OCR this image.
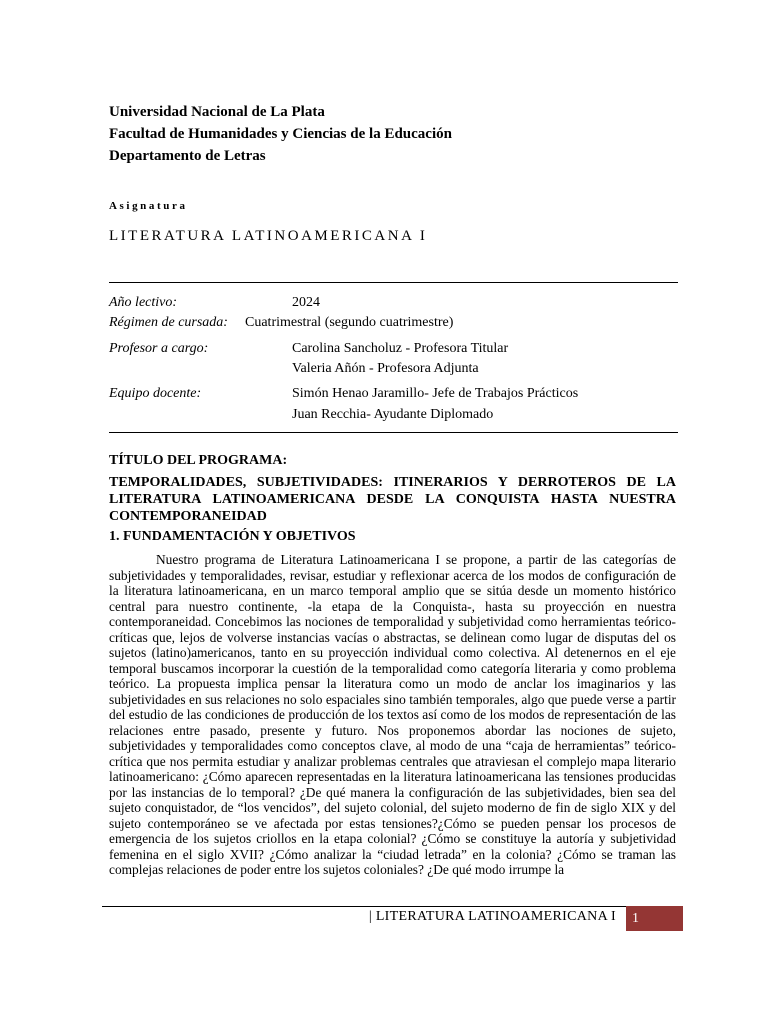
Universidad Nacional de La Plata
Facultad de Humanidades y Ciencias de la Educación
Departamento de Letras
Asignatura
LITERATURA LATINOAMERICANA I
Año lectivo:	2024
Régimen de cursada: Cuatrimestral (segundo cuatrimestre)
Profesor a cargo:	Carolina Sancholuz - Profesora Titular
Valeria Añón - Profesora Adjunta
Equipo docente:	Simón Henao Jaramillo- Jefe de Trabajos Prácticos
Juan Recchia- Ayudante Diplomado
TÍTULO DEL PROGRAMA:
TEMPORALIDADES, SUBJETIVIDADES: ITINERARIOS Y DERROTEROS DE LA LITERATURA LATINOAMERICANA DESDE LA CONQUISTA HASTA NUESTRA CONTEMPORANEIDAD
1. FUNDAMENTACIÓN Y OBJETIVOS

Nuestro programa de Literatura Latinoamericana I se propone, a partir de las categorías de subjetividades y temporalidades, revisar, estudiar y reflexionar acerca de los modos de configuración de la literatura latinoamericana, en un marco temporal amplio que se sitúa desde un momento histórico central para nuestro continente, -la etapa de la Conquista-, hasta su proyección en nuestra contemporaneidad. Concebimos las nociones de temporalidad y subjetividad como herramientas teórico-críticas que, lejos de volverse instancias vacías o abstractas, se delinean como lugar de disputas del os sujetos (latino)americanos, tanto en su proyección individual como colectiva. Al detenernos en el eje temporal buscamos incorporar la cuestión de la temporalidad como categoría literaria y como problema teórico. La propuesta implica pensar la literatura como un modo de anclar los imaginarios y las subjetividades en sus relaciones no solo espaciales sino también temporales, algo que puede verse a partir del estudio de las condiciones de producción de los textos así como de los modos de representación de las relaciones entre pasado, presente y futuro. Nos proponemos abordar las nociones de sujeto, subjetividades y temporalidades como conceptos clave, al modo de una “caja de herramientas” teórico-crítica que nos permita estudiar y analizar problemas centrales que atraviesan el complejo mapa literario latinoamericano: ¿Cómo aparecen representadas en la literatura latinoamericana las tensiones producidas por las instancias de lo temporal? ¿De qué manera la configuración de las subjetividades, bien sea del sujeto conquistador, de “los vencidos”, del sujeto colonial, del sujeto moderno de fin de siglo XIX y del sujeto contemporáneo se ve afectada por estas tensiones?¿Cómo se pueden pensar los procesos de emergencia de los sujetos criollos en la etapa colonial? ¿Cómo se constituye la autoría y subjetividad femenina en el siglo XVII? ¿Cómo analizar la “ciudad letrada” en la colonia? ¿Cómo se traman las complejas relaciones de poder entre los sujetos coloniales? ¿De qué modo irrumpe la

| LITERATURA LATINOAMERICANA I	1
